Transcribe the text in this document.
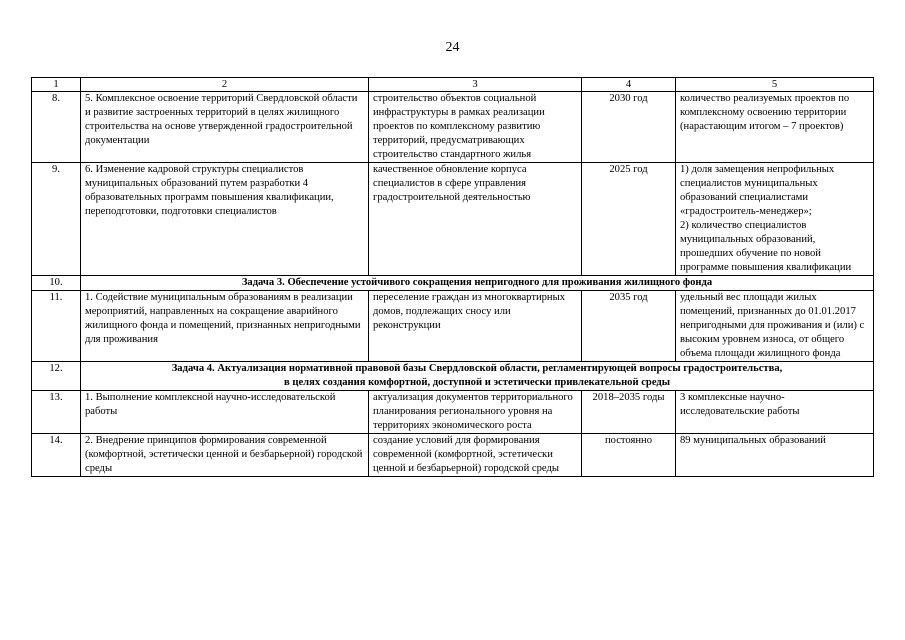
24
1	2	3	4	5
8.	5. Комплексное освоение территорий Свердловской области и развитие застроенных территорий в целях жилищного строительства на основе утвержденной градостроительной документации	строительство объектов социальной инфраструктуры в рамках реализации проектов по комплексному развитию территорий, предусматривающих строительство стандартного жилья	2030 год	количество реализуемых проектов по комплексному освоению территории (нарастающим итогом – 7 проектов)
9.	6. Изменение кадровой структуры специалистов муниципальных образований путем разработки 4 образовательных программ повышения квалификации, переподготовки, подготовки специалистов	качественное обновление корпуса специалистов в сфере управления градостроительной деятельностью	2025 год	1) доля замещения непрофильных специалистов муниципальных образований специалистами «градостроитель-менеджер»;
2) количество специалистов муниципальных образований, прошедших обучение по новой программе повышения квалификации
10.	Задача 3. Обеспечение устойчивого сокращения непригодного для проживания жилищного фонда			

11.	1. Содействие муниципальным образованиям в реализации мероприятий, направленных на сокращение аварийного жилищного фонда и помещений, признанных непригодными для проживания	переселение граждан из многоквартирных домов, подлежащих сносу или реконструкции	2035 год	удельный вес площади жилых помещений, признанных до 01.01.2017 непригодными для проживания и (или) с высоким уровнем износа, от общего объема площади жилищного фонда
12.	Задача 4. Актуализация нормативной правовой базы Свердловской области, регламентирующей вопросы градостроительства,
в целях создания комфортной, доступной и эстетически привлекательной среды			

13.	1. Выполнение комплексной научно-исследовательской работы	актуализация документов территориального планирования регионального уровня на территориях экономического роста	2018–2035 годы	3 комплексные научно-исследовательские работы
14.	2. Внедрение принципов формирования современной (комфортной, эстетически ценной и безбарьерной) городской среды	создание условий для формирования современной (комфортной, эстетически ценной и безбарьерной) городской среды	постоянно	89 муниципальных образований
